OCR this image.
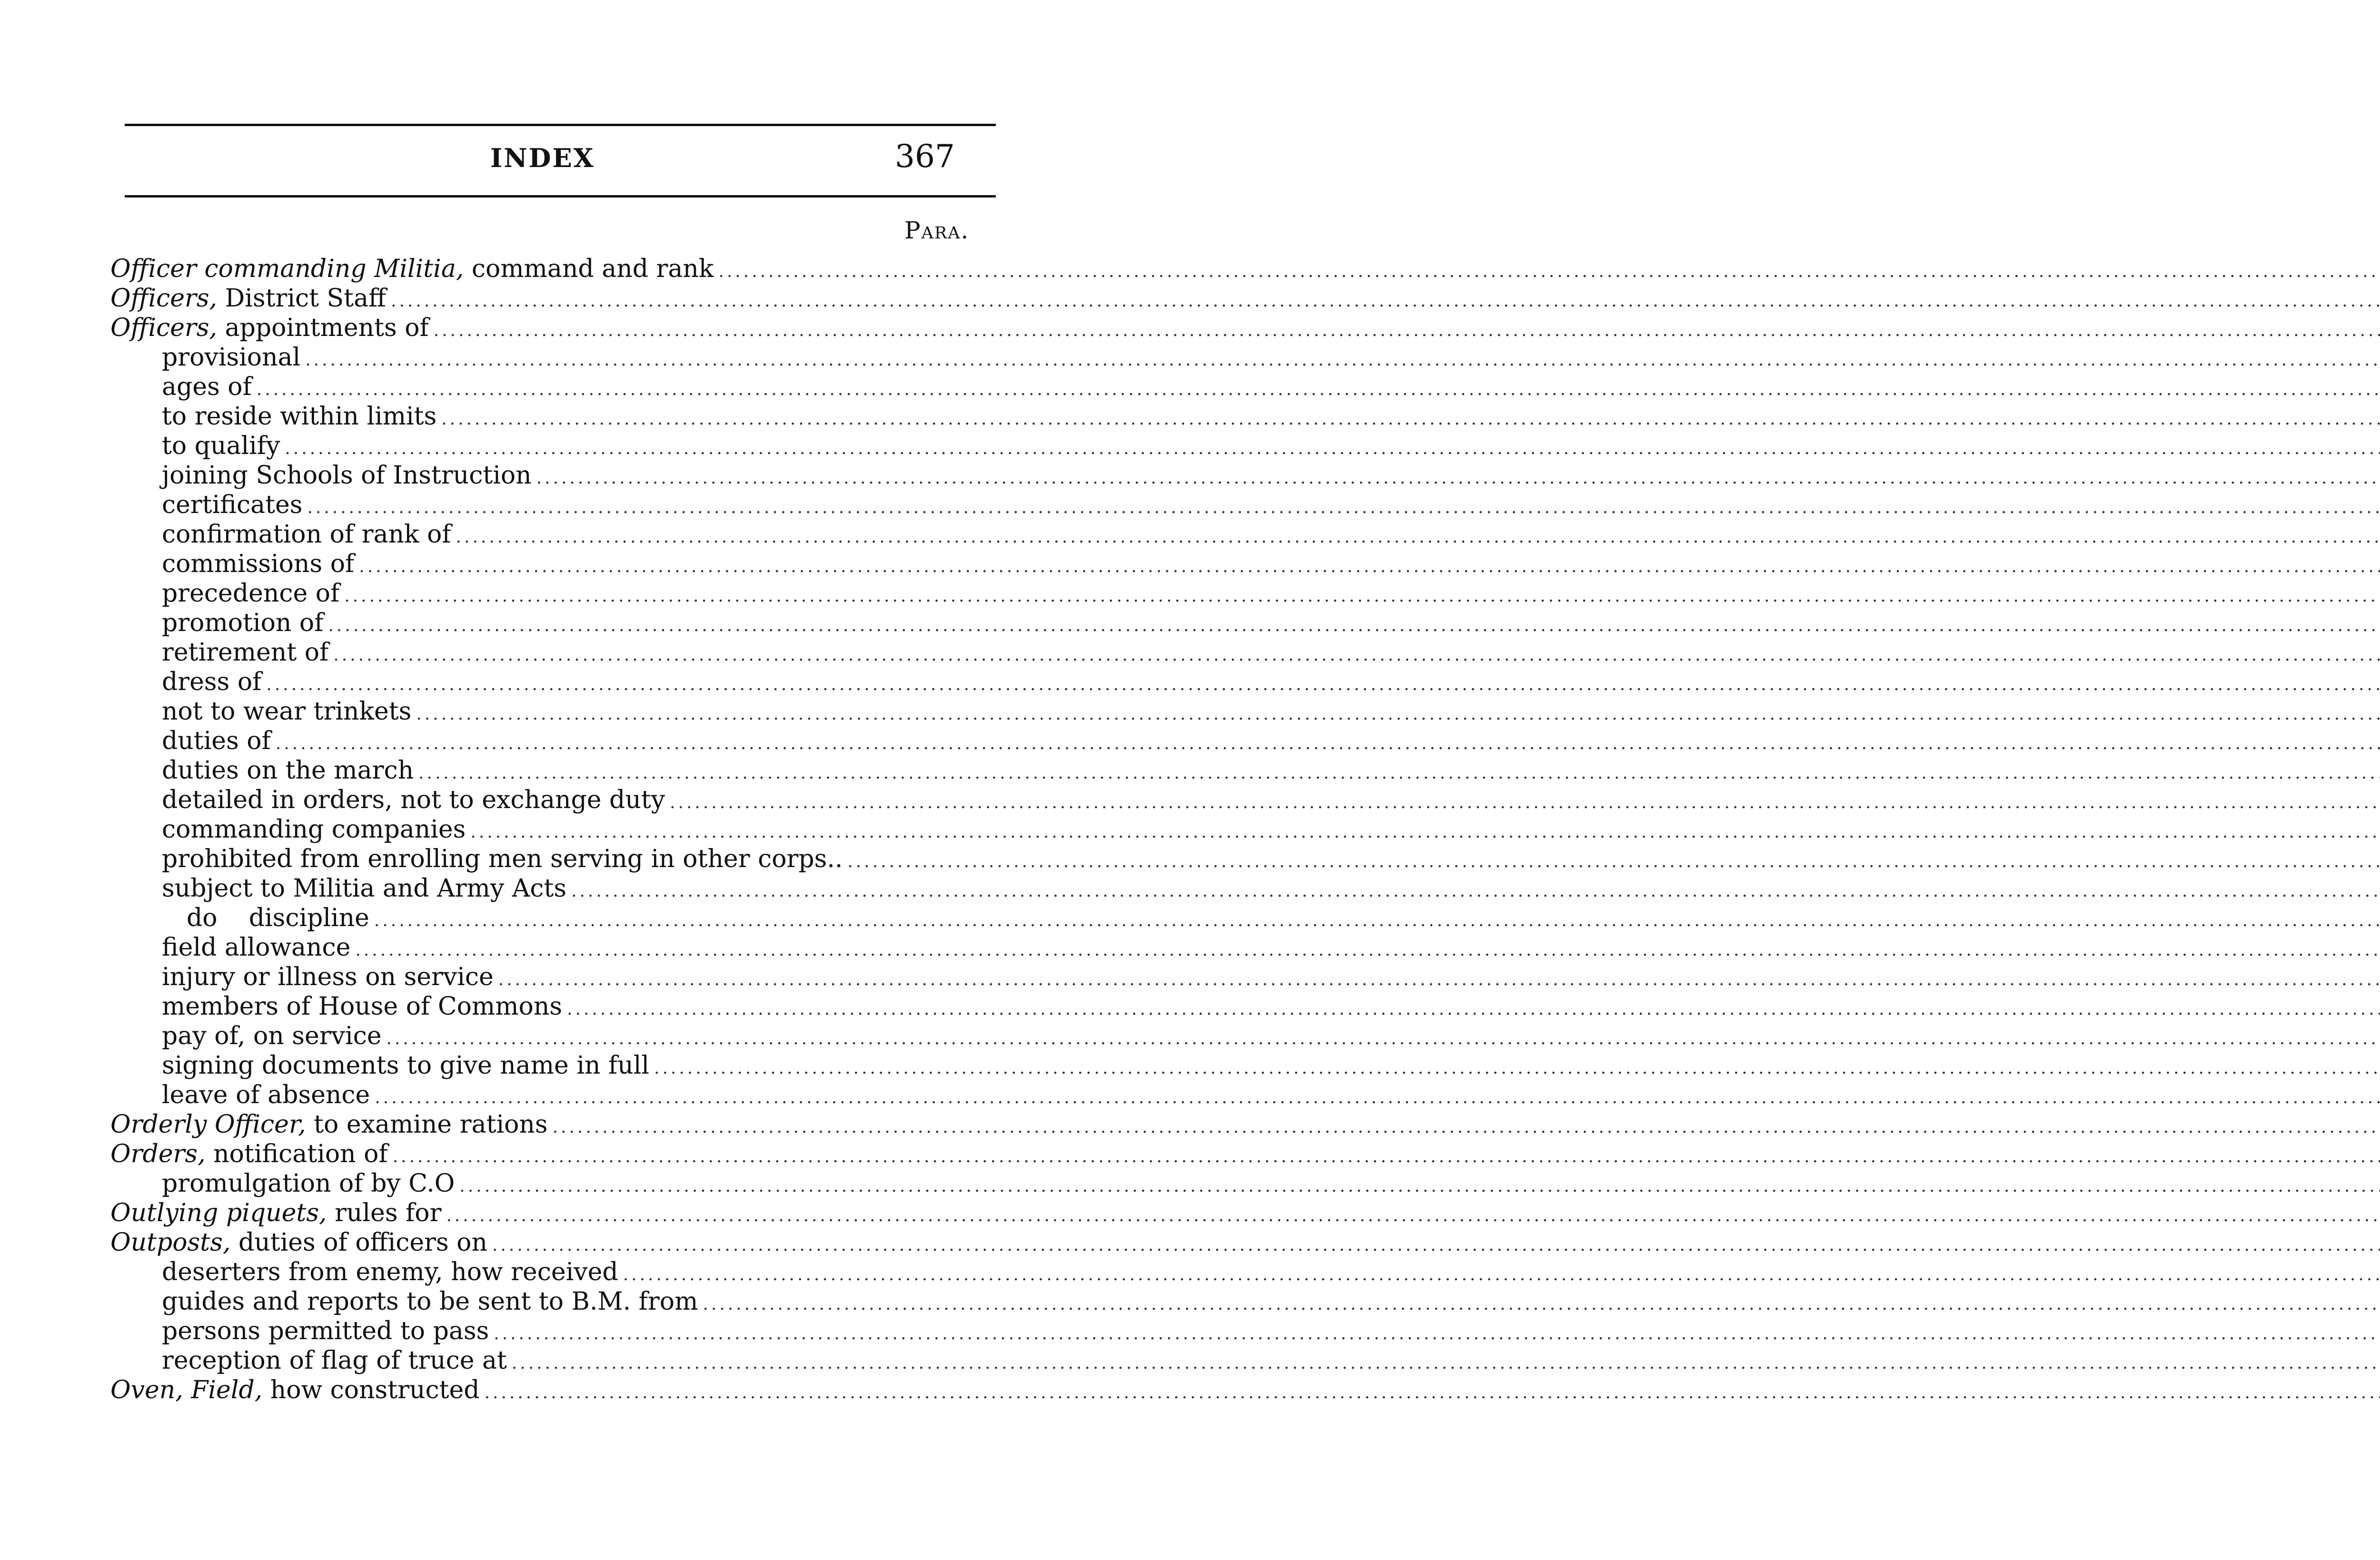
INDEX	367
Para.
Officer commanding Militia, command and rank
.....
Officers, District Staff
.....
Officers, appointments of
.....
provisional
.....
ages of
.....
to reside within limits
.....
to qualify
.....
joining Schools of Instruction
.....
certificates
.....
confirmation of rank of
.....
commissions of
.....
precedence of
.....
promotion of
.....
retirement of
.....
dress of
.....
not to wear trinkets
.....
duties of
.....
duties on the march
.....
detailed in orders, not to exchange duty
.....
commanding companies
.....
prohibited from enrolling men serving in other corps..
.....
subject to Militia and Army Acts
.....
do    discipline
.....
field allowance
.....
injury or illness on service
.....
members of House of Commons
.....
pay of, on service
.....
signing documents to give name in full
.....
leave of absence
.....
Orderly Officer, to examine rations
.....
Orders, notification of
.....
promulgation of by C.O
.....
Outlying piquets, rules for
.....
Outposts, duties of officers on
.....
deserters from enemy, how received
.....
guides and reports to be sent to B.M. from
.....
persons permitted to pass
.....
reception of flag of truce at
.....
Oven, Field, how constructed
.....
